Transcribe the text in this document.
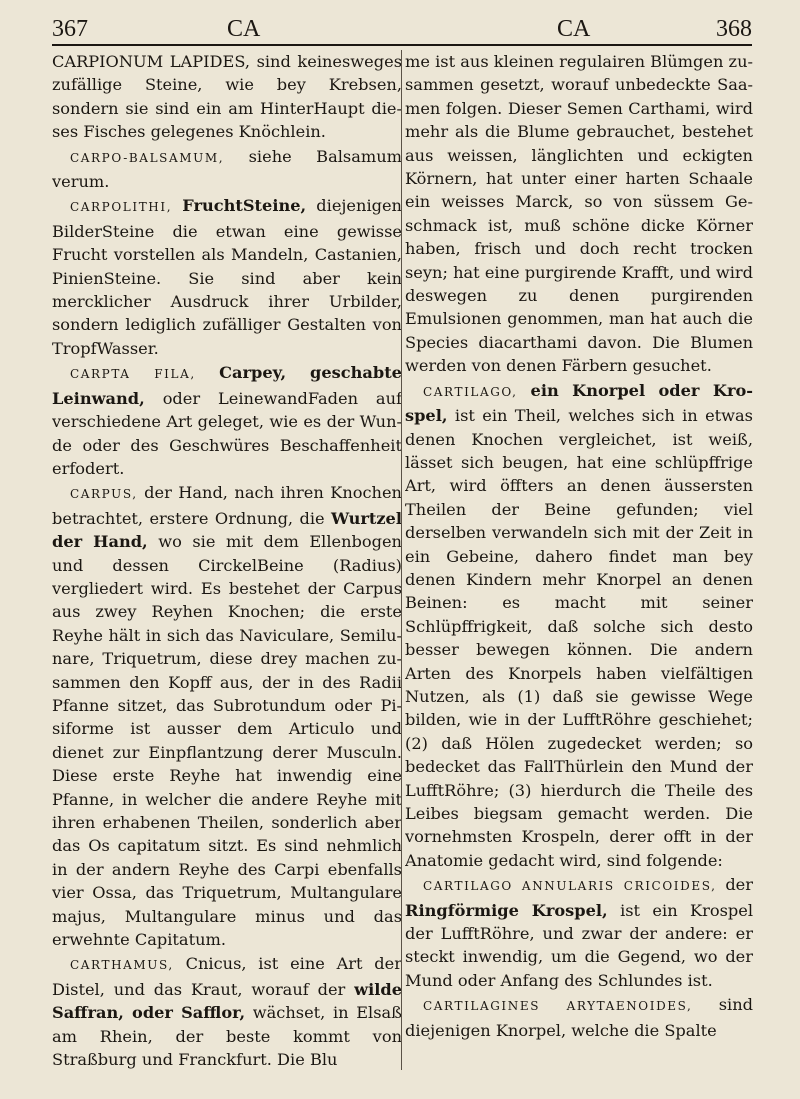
367	CA	CA	368

CARPIONUM LAPIDES, sind keinesweges zufällige Steine, wie bey Krebsen, sondern sie sind ein am HinterHaupt dieses Fisches gelegenes Knöchlein.

CARPO-BALSAMUM, siehe Balsamum verum.

CARPOLITHI, FruchtSteine, diejenigen BilderSteine die etwan eine gewisse Frucht vorstellen als Mandeln, Castanien, PinienSteine. Sie sind aber kein mercklicher Ausdruck ihrer Urbilder, sondern lediglich zufälliger Gestalten von TropfWasser.

CARPTA FILA, Carpey, geschabte Leinwand, oder LeinewandFaden auf verschiedene Art geleget, wie es der Wunde oder des Geschwüres Beschaffenheit erfodert.

CARPUS, der Hand, nach ihren Knochen betrachtet, erstere Ordnung, die Wurtzel der Hand, wo sie mit dem Ellenbogen und dessen CirckelBeine (Radius) vergliedert wird. Es bestehet der Carpus aus zwey Reyhen Knochen; die erste Reyhe hält in sich das Naviculare, Semilunare, Triquetrum, diese drey machen zusammen den Kopff aus, der in des Radii Pfanne sitzet, das Subrotundum oder Pisiforme ist ausser dem Articulo und dienet zur Einpflantzung derer Musculn. Diese erste Reyhe hat inwendig eine Pfanne, in welcher die andere Reyhe mit ihren erhabenen Theilen, sonderlich aber das Os capitatum sitzt. Es sind nehmlich in der andern Reyhe des Carpi ebenfalls vier Ossa, das Triquetrum, Multangulare majus, Multangulare minus und das erwehnte Capitatum.

CARTHAMUS, Cnicus, ist eine Art der Distel, und das Kraut, worauf der wilde Saffran, oder Safflor, wächset, in Elsaß am Rhein, der beste kommt von Straßburg und Franckfurt. Die Blu

me ist aus kleinen regulairen Blümgen zusammen gesetzt, worauf unbedeckte Saamen folgen. Dieser Semen Carthami, wird mehr als die Blume gebrauchet, bestehet aus weissen, länglichten und eckigten Körnern, hat unter einer harten Schaale ein weisses Marck, so von süssem Geschmack ist, muß schöne dicke Körner haben, frisch und doch recht trocken seyn; hat eine purgirende Krafft, und wird deswegen zu denen purgirenden Emulsionen genommen, man hat auch die Species diacarthami davon. Die Blumen werden von denen Färbern gesuchet.

CARTILAGO, ein Knorpel oder Krospel, ist ein Theil, welches sich in etwas denen Knochen vergleichet, ist weiß, lässet sich beugen, hat eine schlüpffrige Art, wird öffters an denen äussersten Theilen der Beine gefunden; viel derselben verwandeln sich mit der Zeit in ein Gebeine, dahero findet man bey denen Kindern mehr Knorpel an denen Beinen: es macht mit seiner Schlüpffrigkeit, daß solche sich desto besser bewegen können. Die andern Arten des Knorpels haben vielfältigen Nutzen, als (1) daß sie gewisse Wege bilden, wie in der LufftRöhre geschiehet; (2) daß Hölen zugedecket werden; so bedecket das FallThürlein den Mund der LufftRöhre; (3) hierdurch die Theile des Leibes biegsam gemacht werden. Die vornehmsten Krospeln, derer offt in der Anatomie gedacht wird, sind folgende:

CARTILAGO ANNULARIS CRICOIDES, der Ringförmige Krospel, ist ein Krospel der LufftRöhre, und zwar der andere: er steckt inwendig, um die Gegend, wo der Mund oder Anfang des Schlundes ist.

CARTILAGINES ARYTAENOIDES, sind diejenigen Knorpel, welche die Spalte
